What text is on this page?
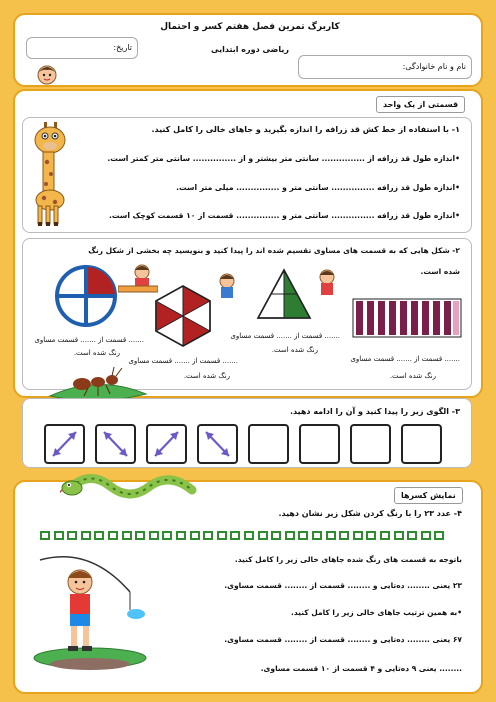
کاربرگ تمرین فصل هفتم کسر و احتمال
ریاضی دوره ابتدایی
تاریخ:
نام و نام خانوادگی:
قسمتی از یک واحد
۱- با استفاده از خط کش قد زرافه را اندازه بگیرید و جاهای خالی را کامل کنید.
•اندازه طول قد زرافه از ............... سانتی متر بیشتر و از ............... سانتی متر کمتر است.
•اندازه طول قد زرافه ............... سانتی متر و ............... میلی متر است.
•اندازه طول قد زرافه ............... سانتی متر و ............... قسمت از ۱۰ قسمت کوچک است.
۲- شکل هایی که به قسمت های مساوی تقسیم شده اند را پیدا کنید و بنویسید چه بخشی از شکل رنگ
شده است.
....... قسمت از ....... قسمت مساوی
رنگ شده است.
....... قسمت از ....... قسمت مساوی
رنگ شده است.
....... قسمت از ....... قسمت مساوی
رنگ شده است.
....... قسمت از ....... قسمت مساوی
رنگ شده است.
۳- الگوی زیر را پیدا کنید و آن را ادامه دهید.
نمایش کسرها
۴- عدد ۲۳ را با رنگ کردن شکل زیر نشان دهید.
باتوجه به قسمت های رنگ شده جاهای خالی زیر را کامل کنید.
۲۳ یعنی ........ ده‌تایی و ........ قسمت از ........ قسمت مساوی.
•به همین ترتیب جاهای خالی زیر را کامل کنید.
۶۷ یعنی ........ ده‌تایی و ........ قسمت از ........ قسمت مساوی.
........ یعنی ۹ ده‌تایی و ۴ قسمت از ۱۰ قسمت مساوی.
